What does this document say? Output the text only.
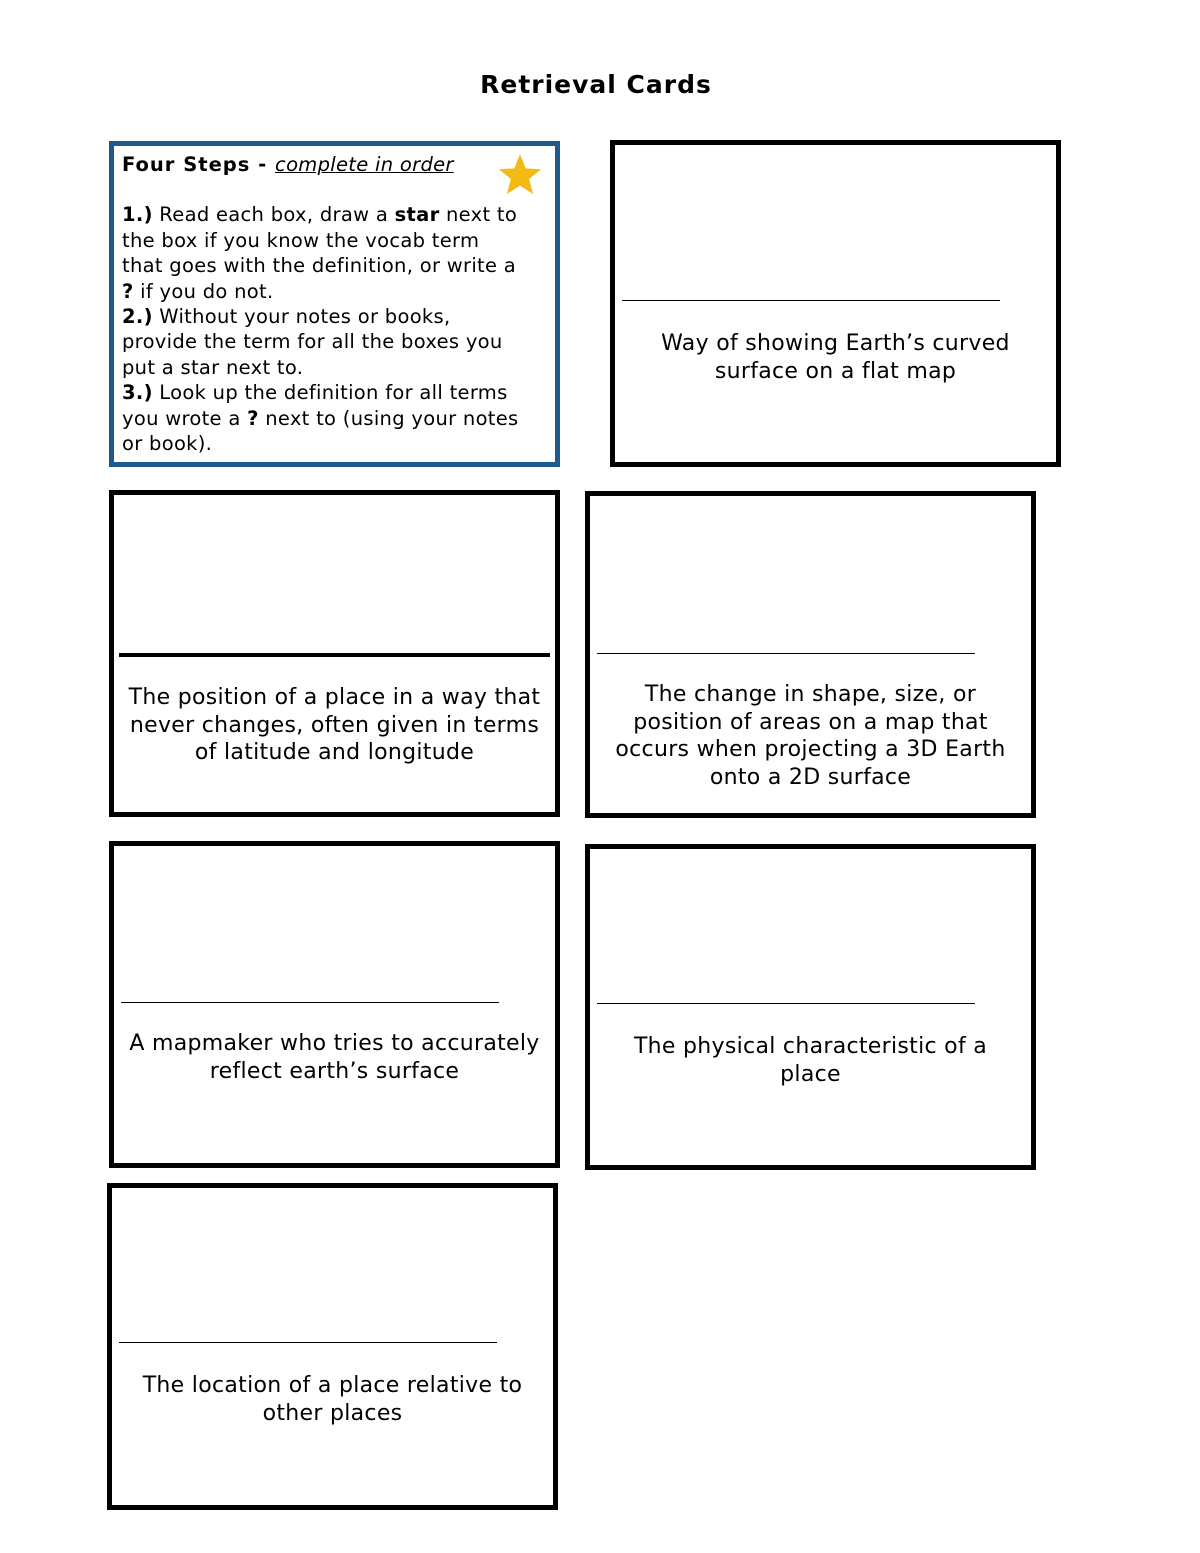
Retrieval Cards
Four Steps - complete in order
1.) Read each box, draw a star next to
the box if you know the vocab term
that goes with the definition, or write a
? if you do not.
2.) Without your notes or books,
provide the term for all the boxes you
put a star next to.
3.) Look up the definition for all terms
you wrote a ? next to (using your notes
or book).
Way of showing Earth’s curved surface on a flat map
The position of a place in a way that never changes, often given in terms of latitude and longitude
The change in shape, size, or position of areas on a map that occurs when projecting a 3D Earth onto a 2D surface
A mapmaker who tries to accurately reflect earth’s surface
The physical characteristic of a place
The location of a place relative to other places
